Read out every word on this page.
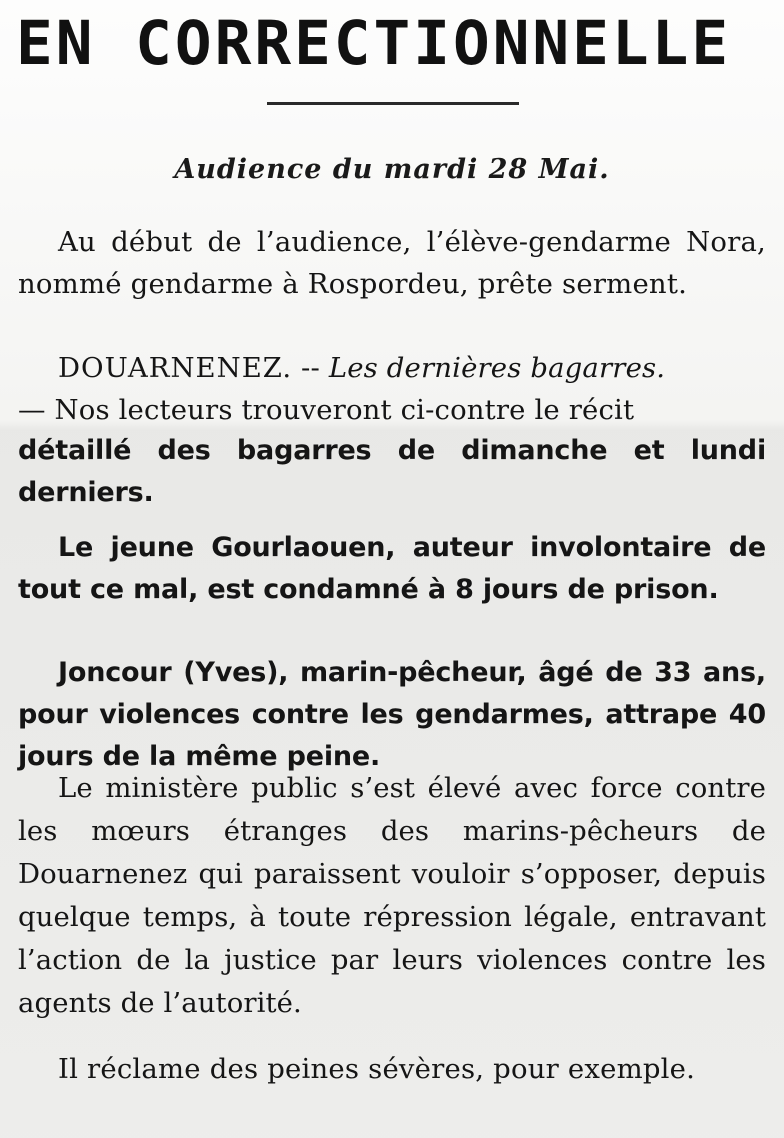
EN CORRECTIONNELLE
Audience du mardi 28 Mai.

Au début de l’audience, l’élève-gendarme Nora, nommé gendarme à Rospordeu, prête serment.

DOUARNENEZ. -- Les dernières bagarres.
— Nos lecteurs trouveront ci-contre le récit

détaillé des bagarres de dimanche et lundi derniers.

Le jeune Gourlaouen, auteur involontaire de tout ce mal, est condamné à 8 jours de prison.

Joncour (Yves), marin-pêcheur, âgé de 33 ans, pour violences contre les gendarmes, attrape 40 jours de la même peine.

Le ministère public s’est élevé avec force contre les mœurs étranges des marins-pêcheurs de Douarnenez qui paraissent vouloir s’opposer, depuis quelque temps, à toute répression légale, entravant l’action de la justice par leurs violences contre les agents de l’autorité.

Il réclame des peines sévères, pour exemple.
